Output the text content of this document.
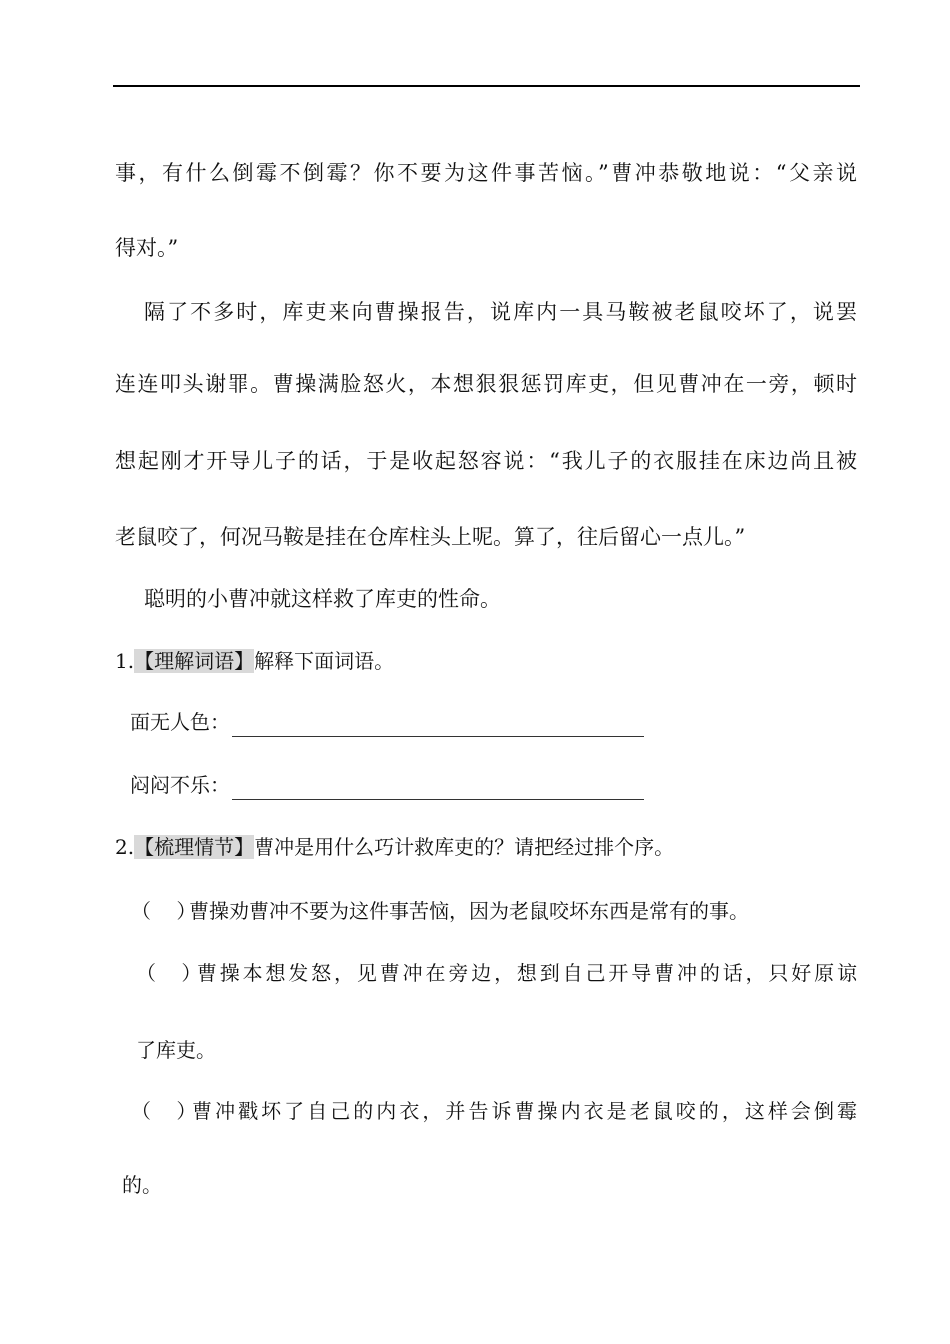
事，有什么倒霉不倒霉？你不要为这件事苦恼。”曹冲恭敬地说：“父亲说
得对。”
隔了不多时，库吏来向曹操报告，说库内一具马鞍被老鼠咬坏了，说罢
连连叩头谢罪。曹操满脸怒火，本想狠狠惩罚库吏，但见曹冲在一旁，顿时
想起刚才开导儿子的话，于是收起怒容说：“我儿子的衣服挂在床边尚且被
老鼠咬了，何况马鞍是挂在仓库柱头上呢。算了，往后留心一点儿。”
聪明的小曹冲就这样救了库吏的性命。
1.【理解词语】解释下面词语。
面无人色：
闷闷不乐：
2.【梳理情节】曹冲是用什么巧计救库吏的？请把经过排个序。
（    ）曹操劝曹冲不要为这件事苦恼，因为老鼠咬坏东西是常有的事。
（    ）曹操本想发怒，见曹冲在旁边，想到自己开导曹冲的话，只好原谅
了库吏。
（    ）曹冲戳坏了自己的内衣，并告诉曹操内衣是老鼠咬的，这样会倒霉
的。
